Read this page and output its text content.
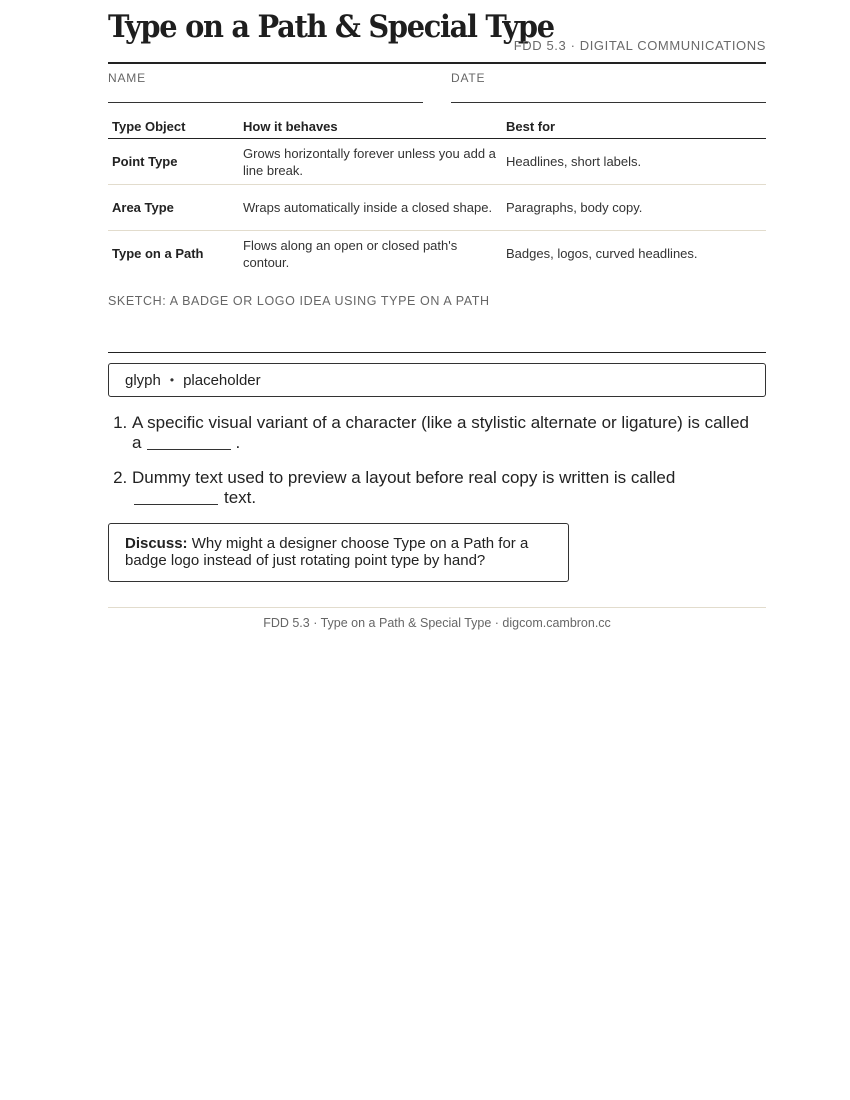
Type on a Path & Special Type
FDD 5.3 · DIGITAL COMMUNICATIONS
NAME	DATE
Type Object	How it behaves	Best for
Point Type	Grows horizontally forever unless you add a line break.	Headlines, short labels.
Area Type	Wraps automatically inside a closed shape.	Paragraphs, body copy.
Type on a Path	Flows along an open or closed path's contour.	Badges, logos, curved headlines.
SKETCH: A BADGE OR LOGO IDEA USING TYPE ON A PATH
glyph • placeholder
1. A specific visual variant of a character (like a stylistic alternate or ligature) is called a	.
2. Dummy text used to preview a layout before real copy is written is called text.
Discuss: Why might a designer choose Type on a Path for a badge logo instead of just rotating point type by hand?
FDD 5.3 · Type on a Path & Special Type · digcom.cambron.cc
